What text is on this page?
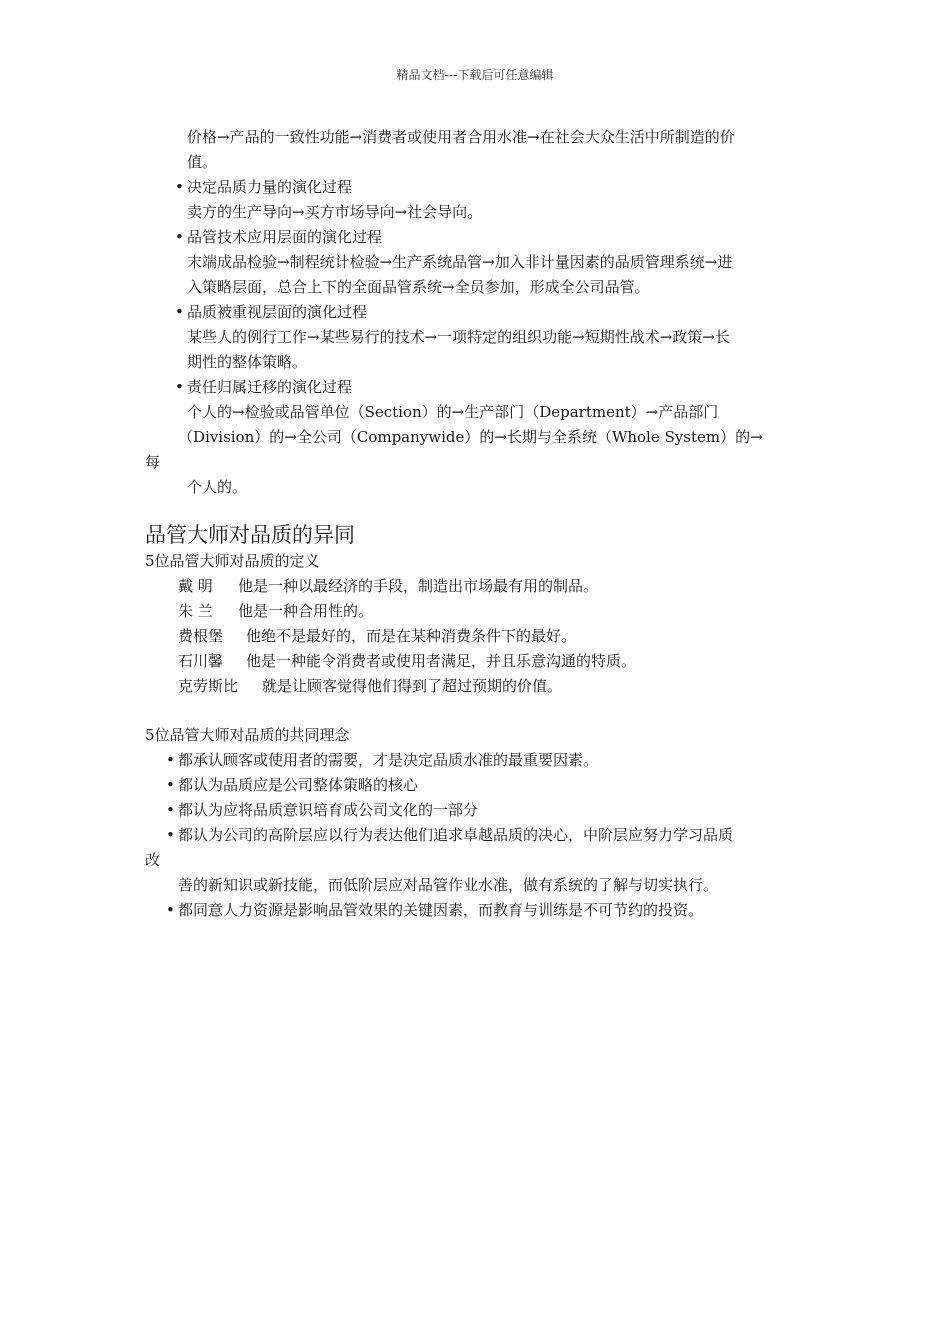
精品文档---下载后可任意编辑
价格→产品的一致性功能→消费者或使用者合用水准→在社会大众生活中所制造的价
值。
• 决定品质力量的演化过程
卖方的生产导向→买方市场导向→社会导向。
• 品管技术应用层面的演化过程
末端成品检验→制程统计检验→生产系统品管→加入非计量因素的品质管理系统→进
入策略层面，总合上下的全面品管系统→全员参加，形成全公司品管。
• 品质被重视层面的演化过程
某些人的例行工作→某些易行的技术→一项特定的组织功能→短期性战术→政策→长
期性的整体策略。
• 责任归属迁移的演化过程
个人的→检验或品管单位（Section）的→生产部门（Department）→产品部门
（Division）的→全公司（Companywide）的→长期与全系统（Whole System）的→
每
个人的。
品管大师对品质的异同
5位品管大师对品质的定义
戴 明 他是一种以最经济的手段，制造出市场最有用的制品。
朱 兰 他是一种合用性的。
费根堡 他绝不是最好的，而是在某种消费条件下的最好。
石川馨 他是一种能令消费者或使用者满足，并且乐意沟通的特质。
克劳斯比 就是让顾客觉得他们得到了超过预期的价值。
5位品管大师对品质的共同理念
• 都承认顾客或使用者的需要，才是决定品质水准的最重要因素。
• 都认为品质应是公司整体策略的核心
• 都认为应将品质意识培育成公司文化的一部分
• 都认为公司的高阶层应以行为表达他们追求卓越品质的决心，中阶层应努力学习品质
改
善的新知识或新技能，而低阶层应对品管作业水准，做有系统的了解与切实执行。
• 都同意人力资源是影响品管效果的关键因素，而教育与训练是不可节约的投资。
